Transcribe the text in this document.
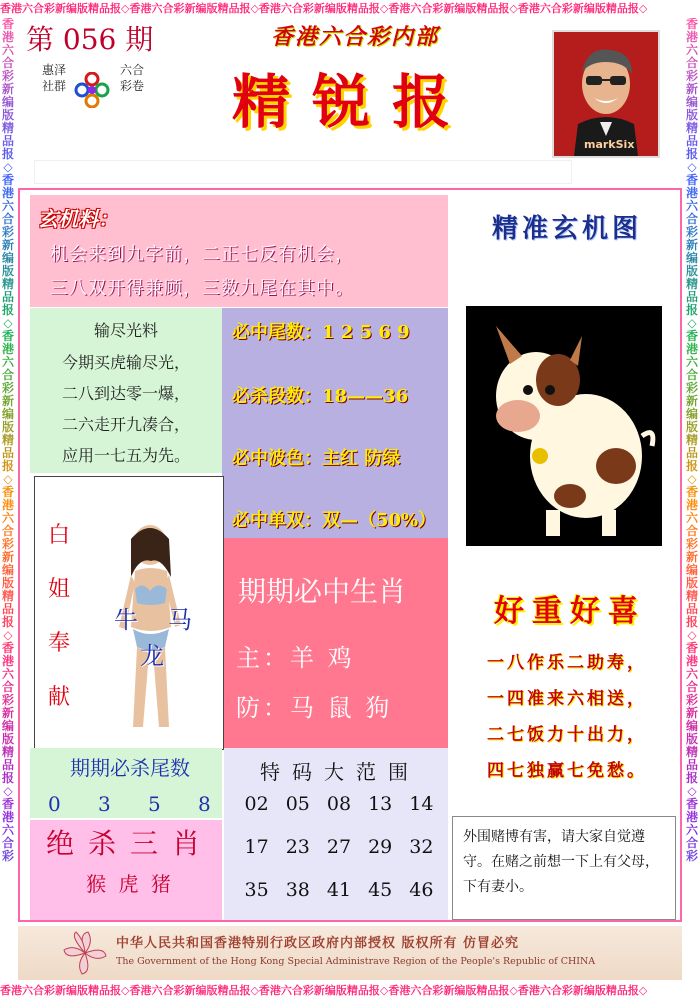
香港六合彩新编版精品报◇香港六合彩新编版精品报◇香港六合彩新编版精品报◇香港六合彩新编版精品报◇香港六合彩新编版精品报◇
香港六合彩新编版精品报◇香港六合彩新编版精品报◇香港六合彩新编版精品报◇香港六合彩新编版精品报◇香港六合彩新编版精品报◇
香港六合彩新编版精品报◇香港六合彩新编版精品报◇香港六合彩新编版精品报◇香港六合彩新编版精品报◇香港六合彩新编版精品报◇香港六合彩
香港六合彩新编版精品报◇香港六合彩新编版精品报◇香港六合彩新编版精品报◇香港六合彩新编版精品报◇香港六合彩新编版精品报◇香港六合彩
第 056 期
惠泽社群
六合彩卷
香港六合彩内部
精锐报
markSix
玄机料：
机会来到九字前，二正七反有机会，
三八双开得兼顾，三数九尾在其中。
输尽光料
今期买虎输尽光，
二八到达零一爆，
二六走开九凑合，
应用一七五为先。
必中尾数：1 2 5 6 9
必杀段数：18——36
必中波色：主红 防绿
必中单双：双—（50%）
白
姐
奉
献
牛 马
龙
期期必中生肖
主：羊 鸡
防：马 鼠 狗
期期必杀尾数
0 3 5 8
绝杀三肖
猴 虎 猪
特码大范围
02 05 08 13 14
17 23 27 29 32
35 38 41 45 46
精准玄机图
好重好喜
一八作乐二助寿，
一四准来六相送，
二七饭力十出力，
四七独赢七免愁。
外围赌博有害，请大家自觉遵守。在赌之前想一下上有父母，下有妻小。
中华人民共和国香港特别行政区政府内部授权 版权所有 仿冒必究
The Government of the Hong Kong Special Administrave Region of the People's Republic of CHINA
